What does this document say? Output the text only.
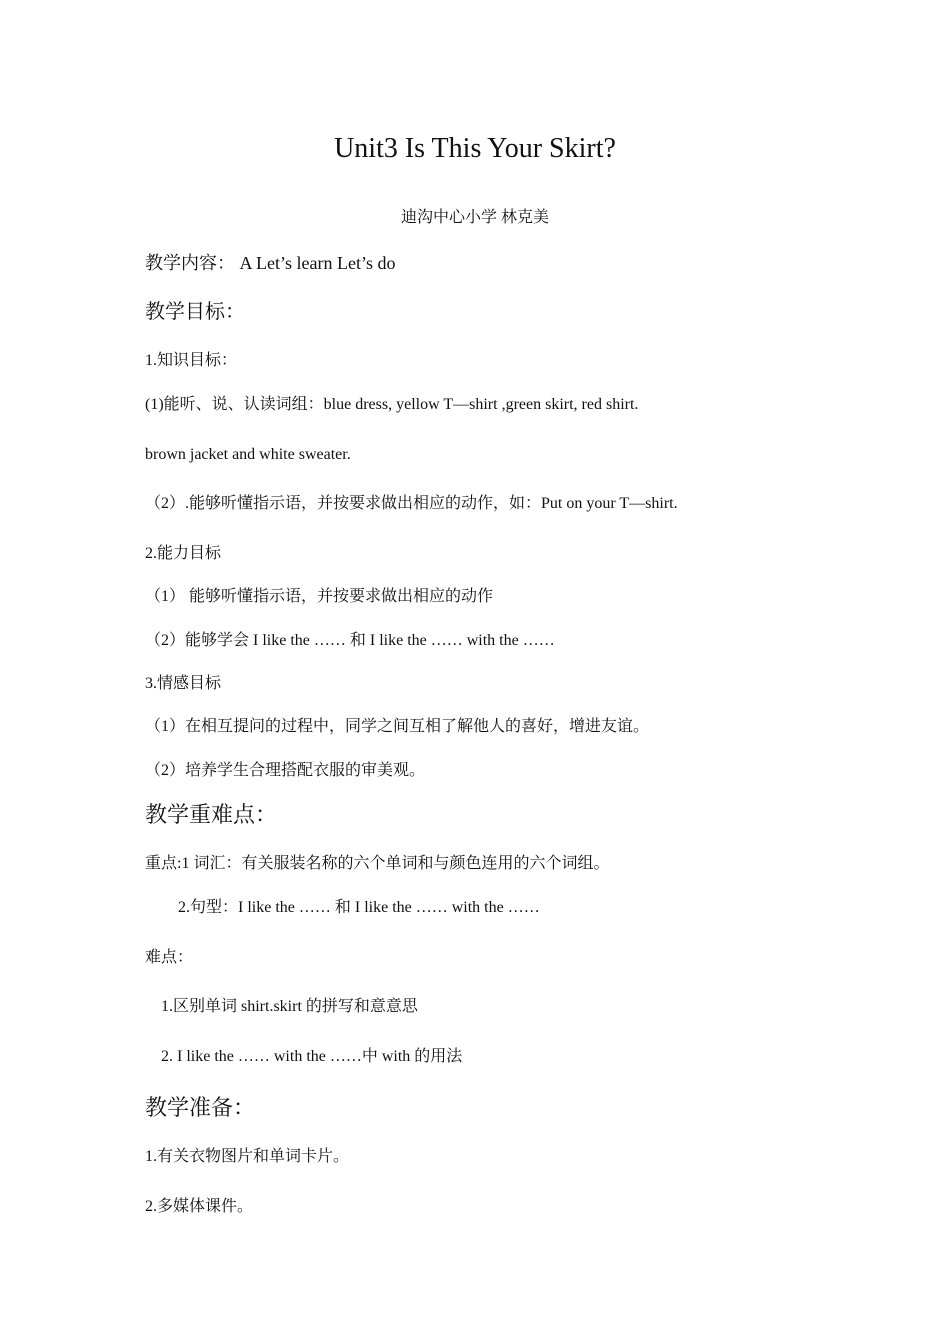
Unit3 Is This Your Skirt?
迪沟中心小学 林克美
教学内容： A Let’s learn Let’s do
教学目标：
1.知识目标：
(1)能听、说、认读词组：blue dress, yellow T—shirt ,green skirt, red shirt.
brown jacket and white sweater.
（2）.能够听懂指示语，并按要求做出相应的动作，如：Put on your T—shirt.
2.能力目标
（1） 能够听懂指示语，并按要求做出相应的动作
（2）能够学会 I like the …… 和 I like the …… with the ……
3.情感目标
（1）在相互提问的过程中，同学之间互相了解他人的喜好，增进友谊。
（2）培养学生合理搭配衣服的审美观。
教学重难点：
重点:1 词汇：有关服装名称的六个单词和与颜色连用的六个词组。
2.句型：I like the …… 和 I like the …… with the ……
难点：
1.区别单词 shirt.skirt 的拼写和意意思
2. I like the …… with the ……中 with 的用法
教学准备：
1.有关衣物图片和单词卡片。
2.多媒体课件。
